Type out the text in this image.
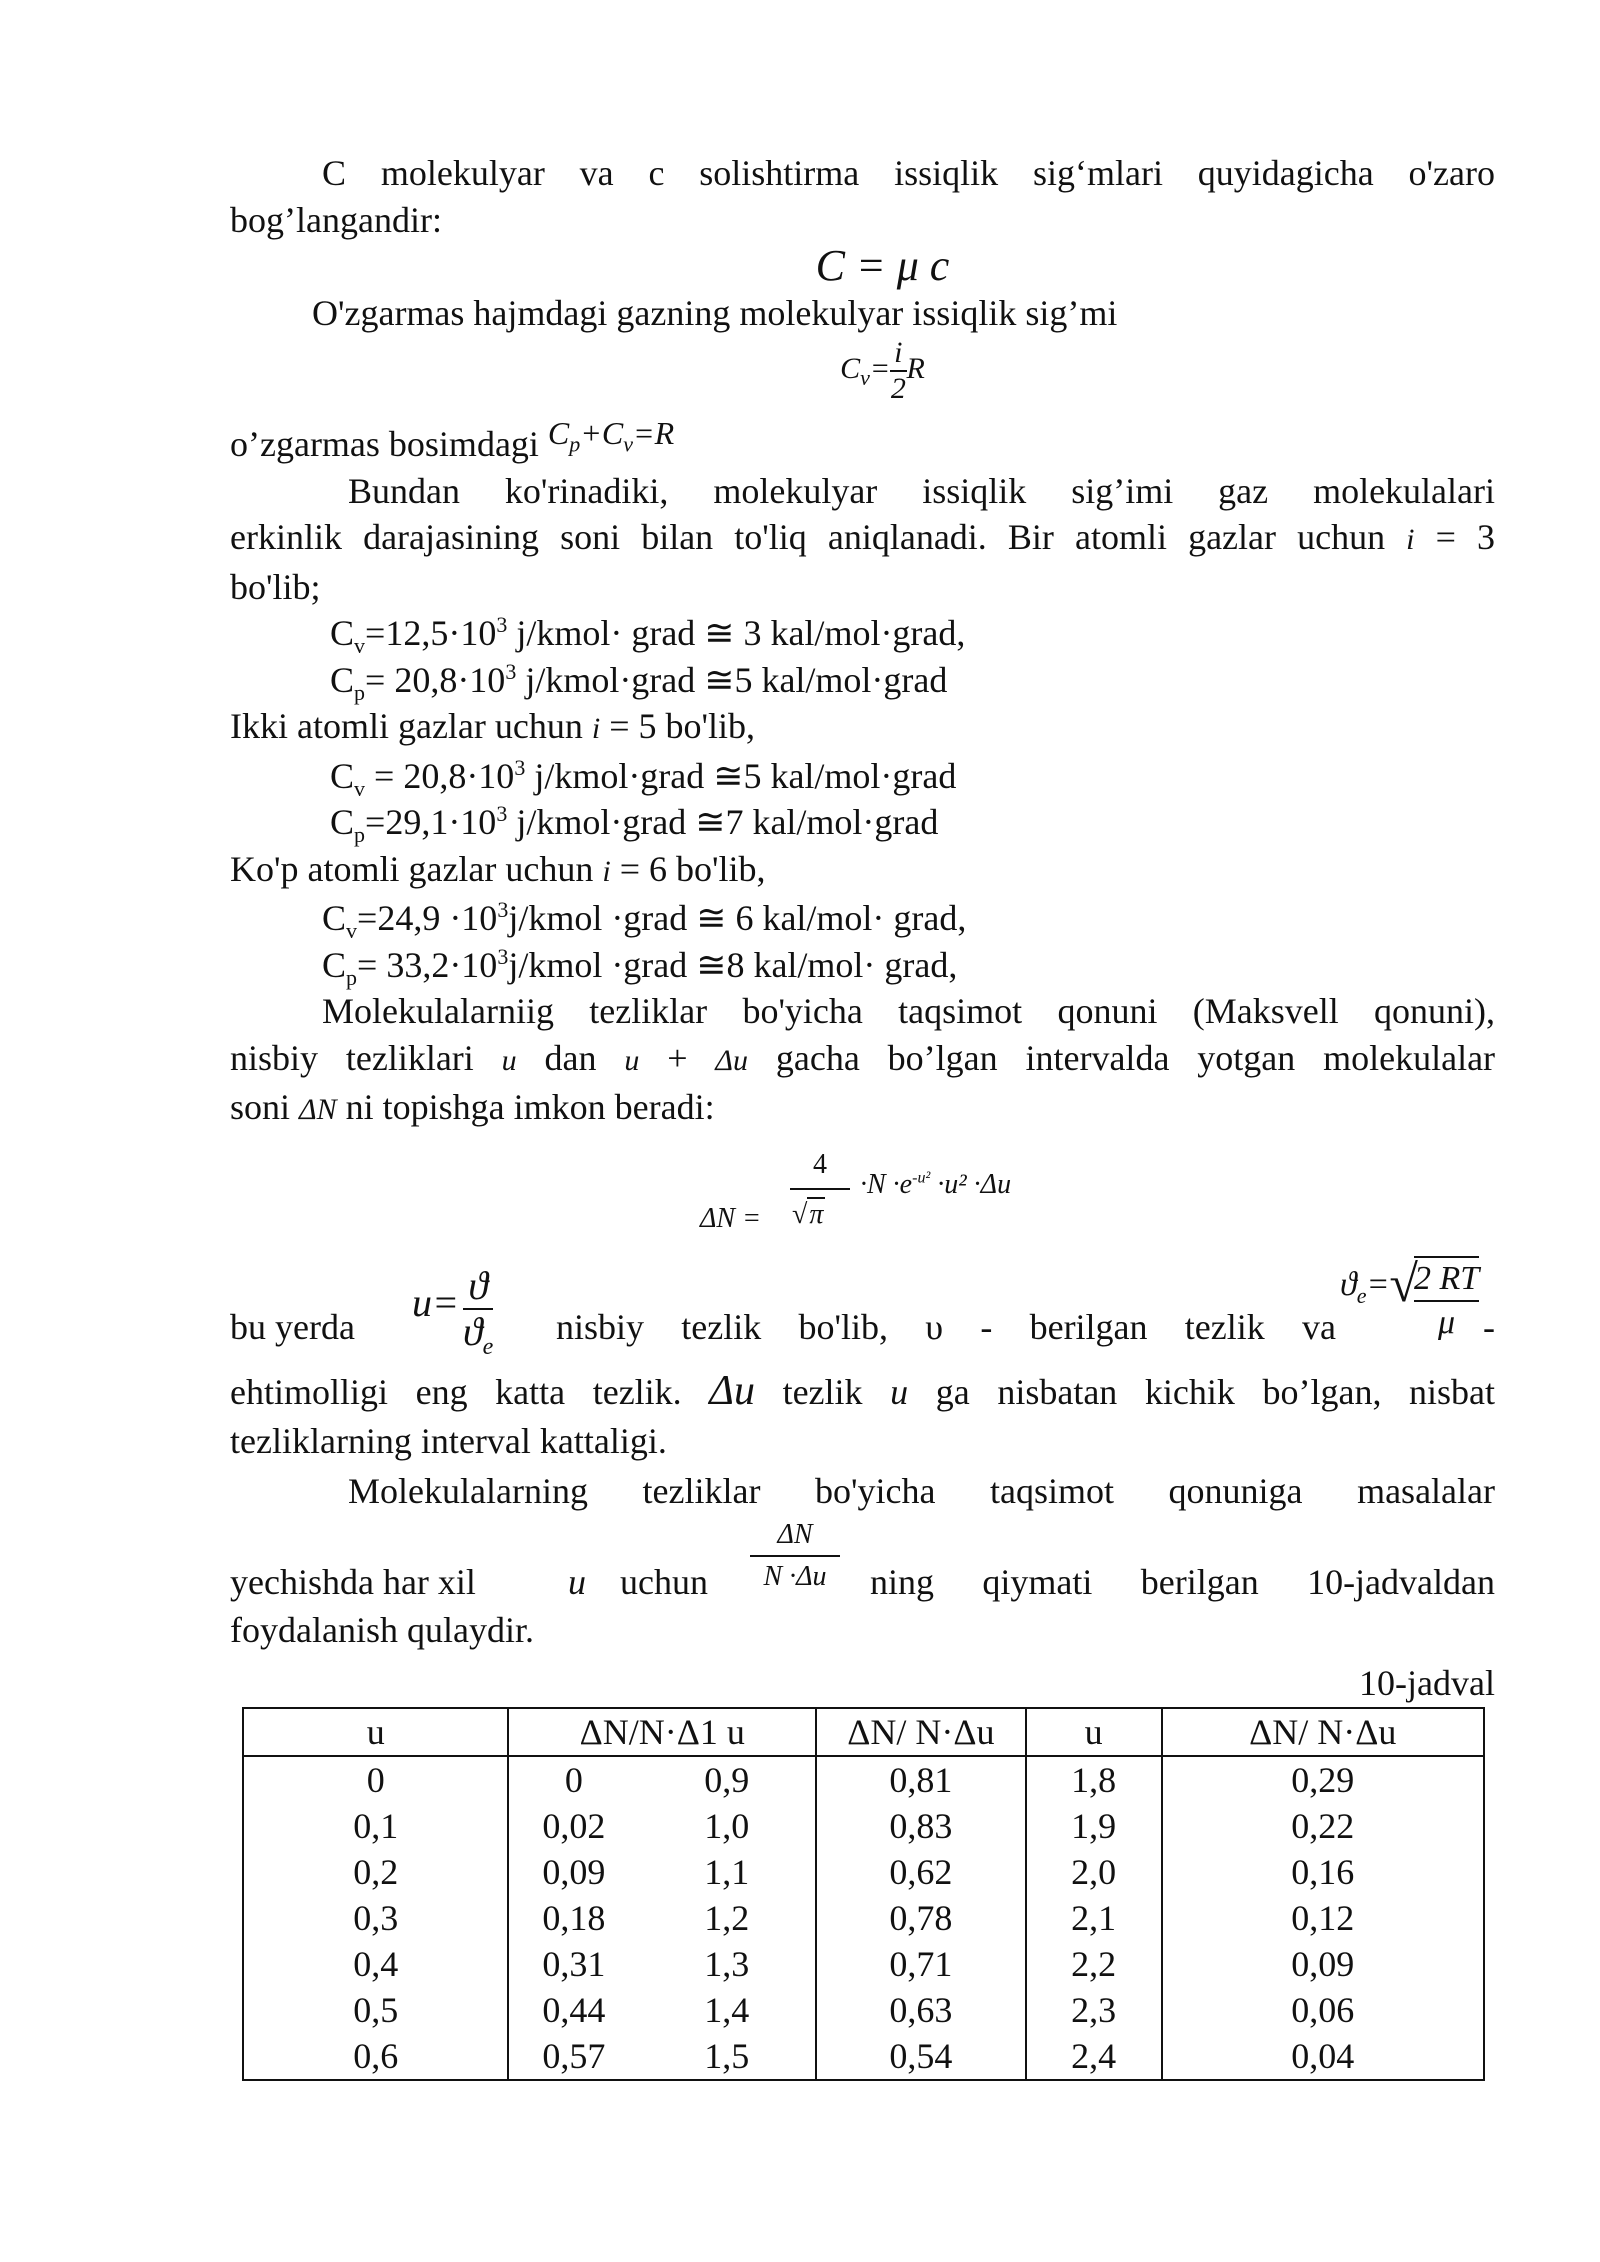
C molekulyar va c solishtirma issiqlik sig‘mlari quyidagicha o'zaro
bog’langandir:
C = μ c
O'zgarmas hajmdagi gazning molekulyar issiqlik sig’mi
$C_v= \frac{i}{2}$ R
o’zgarmas bosimdagi $C_p+C_v=R$
Bundan ko'rinadiki, molekulyar issiqlik sig’imi gaz molekulalari
erkinlik darajasining soni bilan to'liq aniqlanadi. Bir atomli gazlar uchun i = 3
bo'lib;
$C_v=12,5\cdot 10^3$ j/kmol· grad ≅ 3 kal/mol·grad,
$C_p= 20,8\cdot 10^3$ j/kmol·grad ≅5 kal/mol·grad
Ikki atomli gazlar uchun i = 5 bo'lib,
$C_v = 20,8\cdot 10^3$ j/kmol·grad ≅5 kal/mol·grad
$C_p=29,1\cdot 10^3$ j/kmol·grad ≅7 kal/mol·grad
Ko'p atomli gazlar uchun i = 6 bo'lib,
$C_v=24,9$ $\cdot 10^3j$/kmol ·grad ≅ 6 kal/mol· grad,
$C_p=$ $33,2\cdot 10^3j$/kmol ·grad ≅8 kal/mol· grad,
Molekulalarniig tezliklar bo'yicha taqsimot qonuni (Maksvell qonuni),
nisbiy tezliklari u dan u + Δu gacha bo’lgan intervalda yotgan molekulalar
soni ΔN ni topishga imkon beradi:
ΔN =
4
√π
$\cdot N \cdot e^{-u^2} \cdot u^2 \cdot\Delta u$
bu yerda
$u= \frac{ϑ}{ϑ_e}$ nisbiy tezlik bo'lib, υ - berilgan tezlik va
$ϑ_e=√$
$\frac{2 RT}{\mu}$ -
ehtimolligi eng katta tezlik. Δu tezlik u ga nisbatan kichik bo’lgan, nisbat
tezliklarning interval kattaligi.
Molekulalarning tezliklar bo'yicha taqsimot qonuniga masalalar
yechishda har xil	u uchun $\frac{\Delta N}{N \cdot\Delta u}$ ning qiymati berilgan 10-jadvaldan
foydalanish qulaydir.
10-jadval
u	ΔN/N·Δ1 u		ΔN/ N·Δu	u	ΔN/ N·Δu
0	0	0,9	0,81	1,8	0,29
0,1	0,02	1,0	0,83	1,9	0,22
0,2	0,09	1,1	0,62	2,0	0,16
0,3	0,18	1,2	0,78	2,1	0,12
0,4	0,31	1,3	0,71	2,2	0,09
0,5	0,44	1,4	0,63	2,3	0,06
0,6	0,57	1,5	0,54	2,4	0,04
